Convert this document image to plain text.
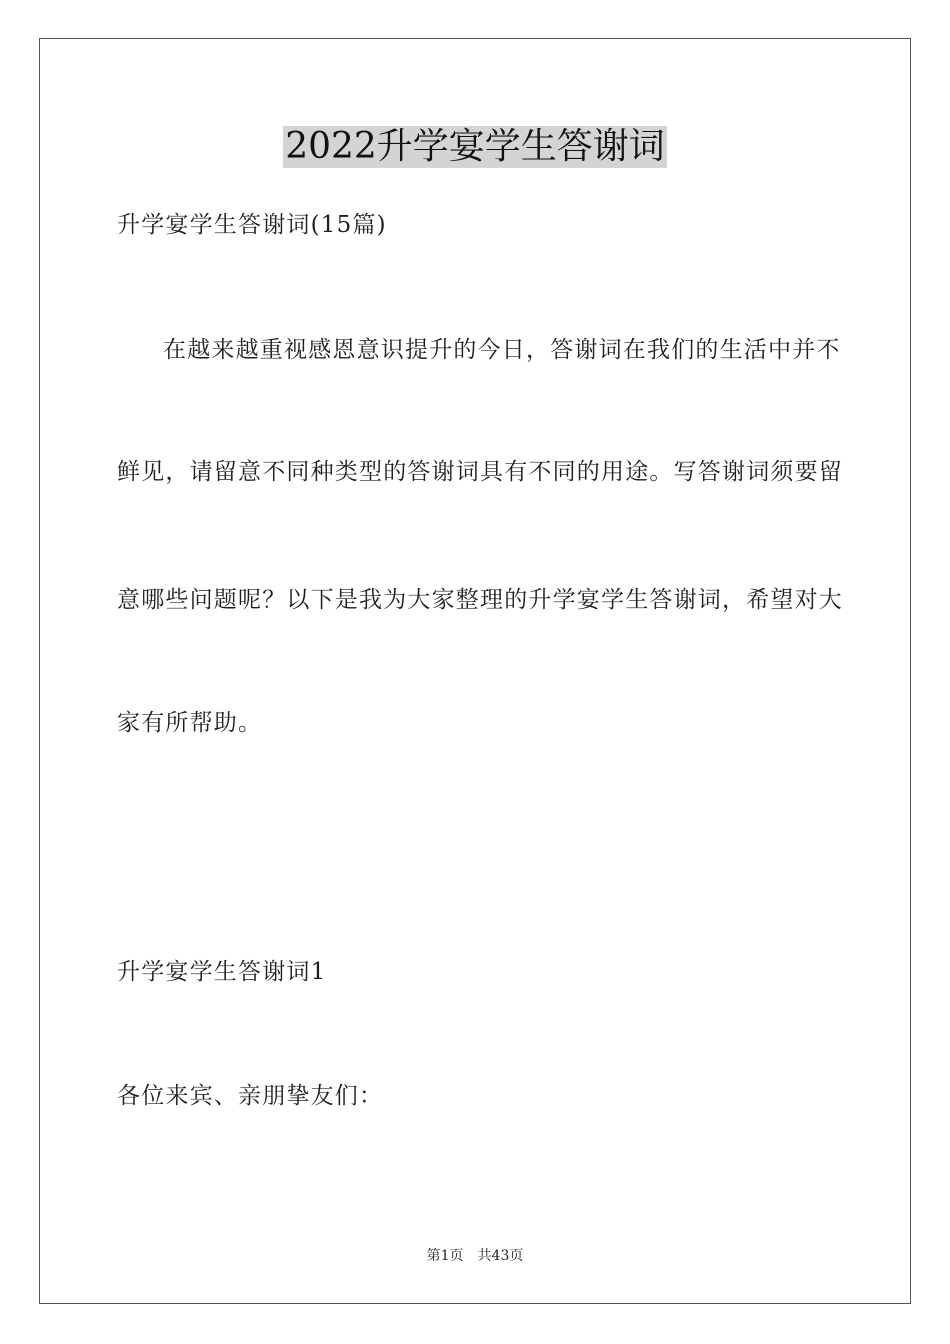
2022升学宴学生答谢词
升学宴学生答谢词(15篇)
在越来越重视感恩意识提升的今日，答谢词在我们的生活中并不
鲜见，请留意不同种类型的答谢词具有不同的用途。写答谢词须要留
意哪些问题呢？以下是我为大家整理的升学宴学生答谢词，希望对大
家有所帮助。
升学宴学生答谢词1
各位来宾、亲朋挚友们：
第1页 共43页
